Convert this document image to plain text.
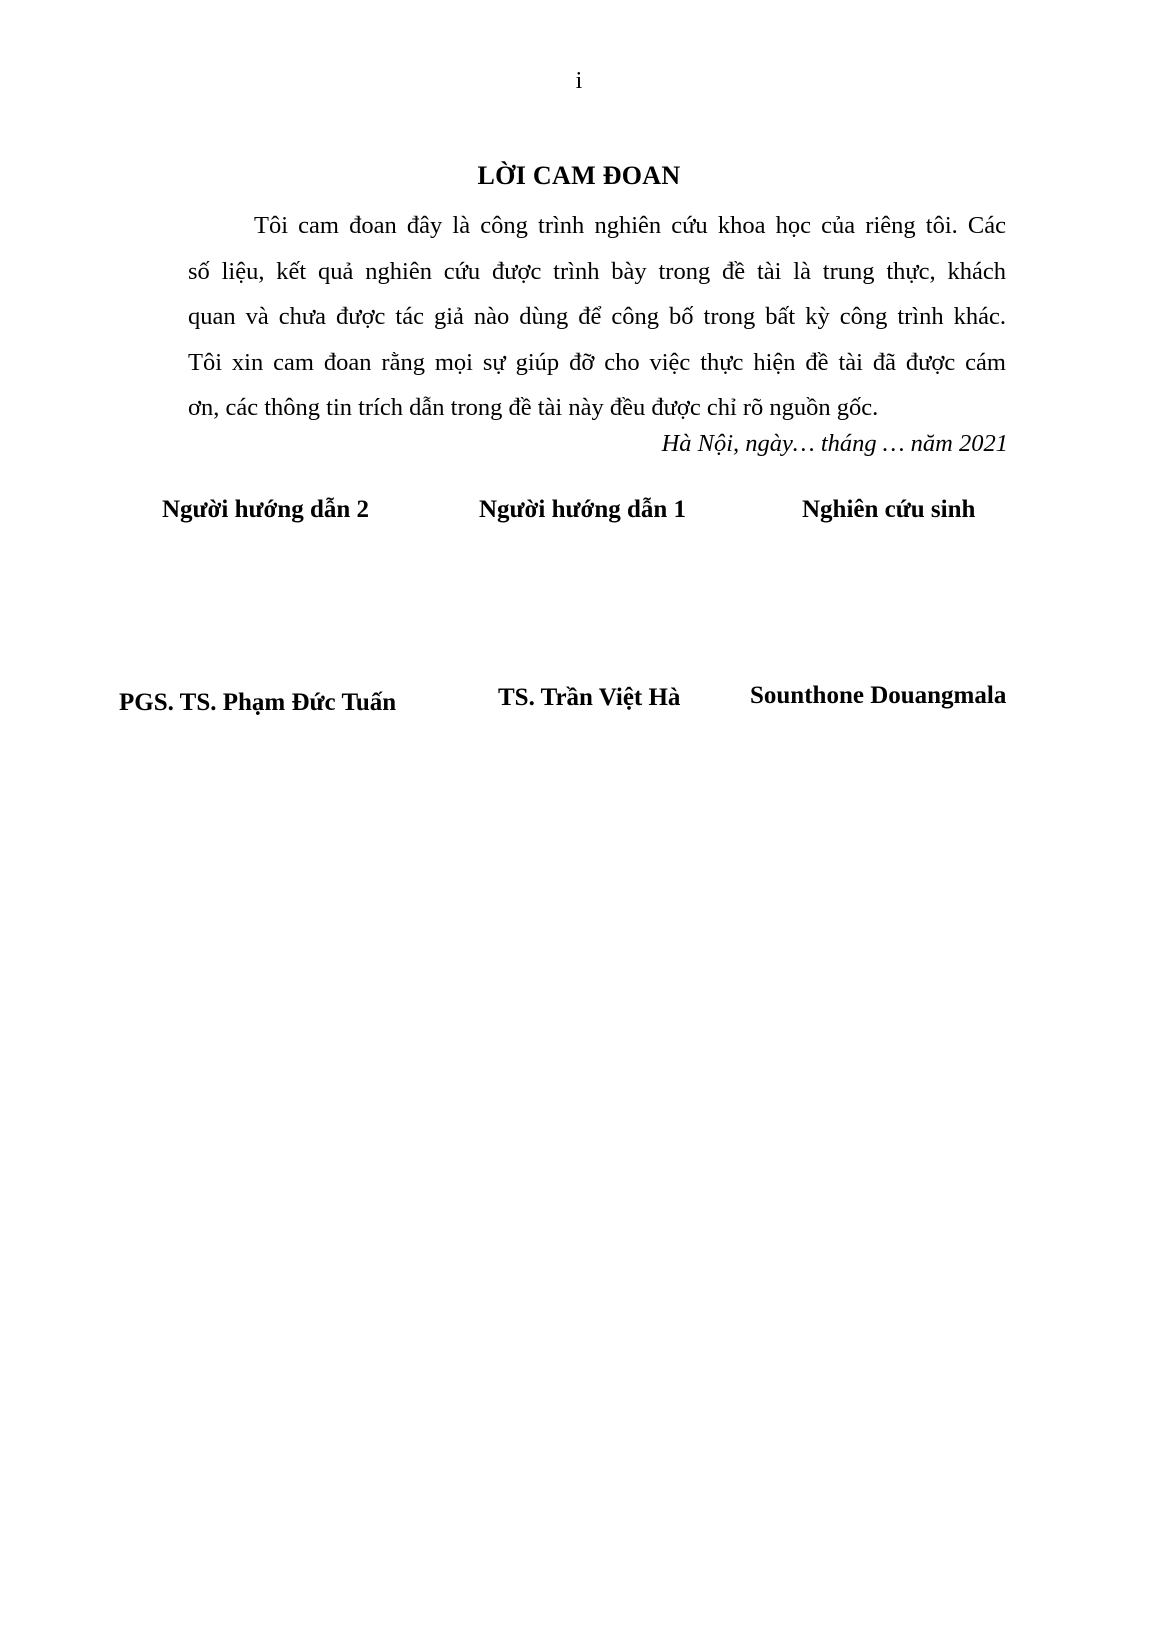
i
LỜI CAM ĐOAN

Tôi cam đoan đây là công trình nghiên cứu khoa học của riêng tôi. Các
số liệu, kết quả nghiên cứu được trình bày trong đề tài là trung thực, khách
quan và chưa được tác giả nào dùng để công bố trong bất kỳ công trình khác.
Tôi xin cam đoan rằng mọi sự giúp đỡ cho việc thực hiện đề tài đã được cám
ơn, các thông tin trích dẫn trong đề tài này đều được chỉ rõ nguồn gốc.

Hà Nội, ngày… tháng … năm 2021
Người hướng dẫn 2	Người hướng dẫn 1	Nghiên cứu sinh
PGS. TS. Phạm Đức Tuấn	TS. Trần Việt Hà	Sounthone Douangmala
